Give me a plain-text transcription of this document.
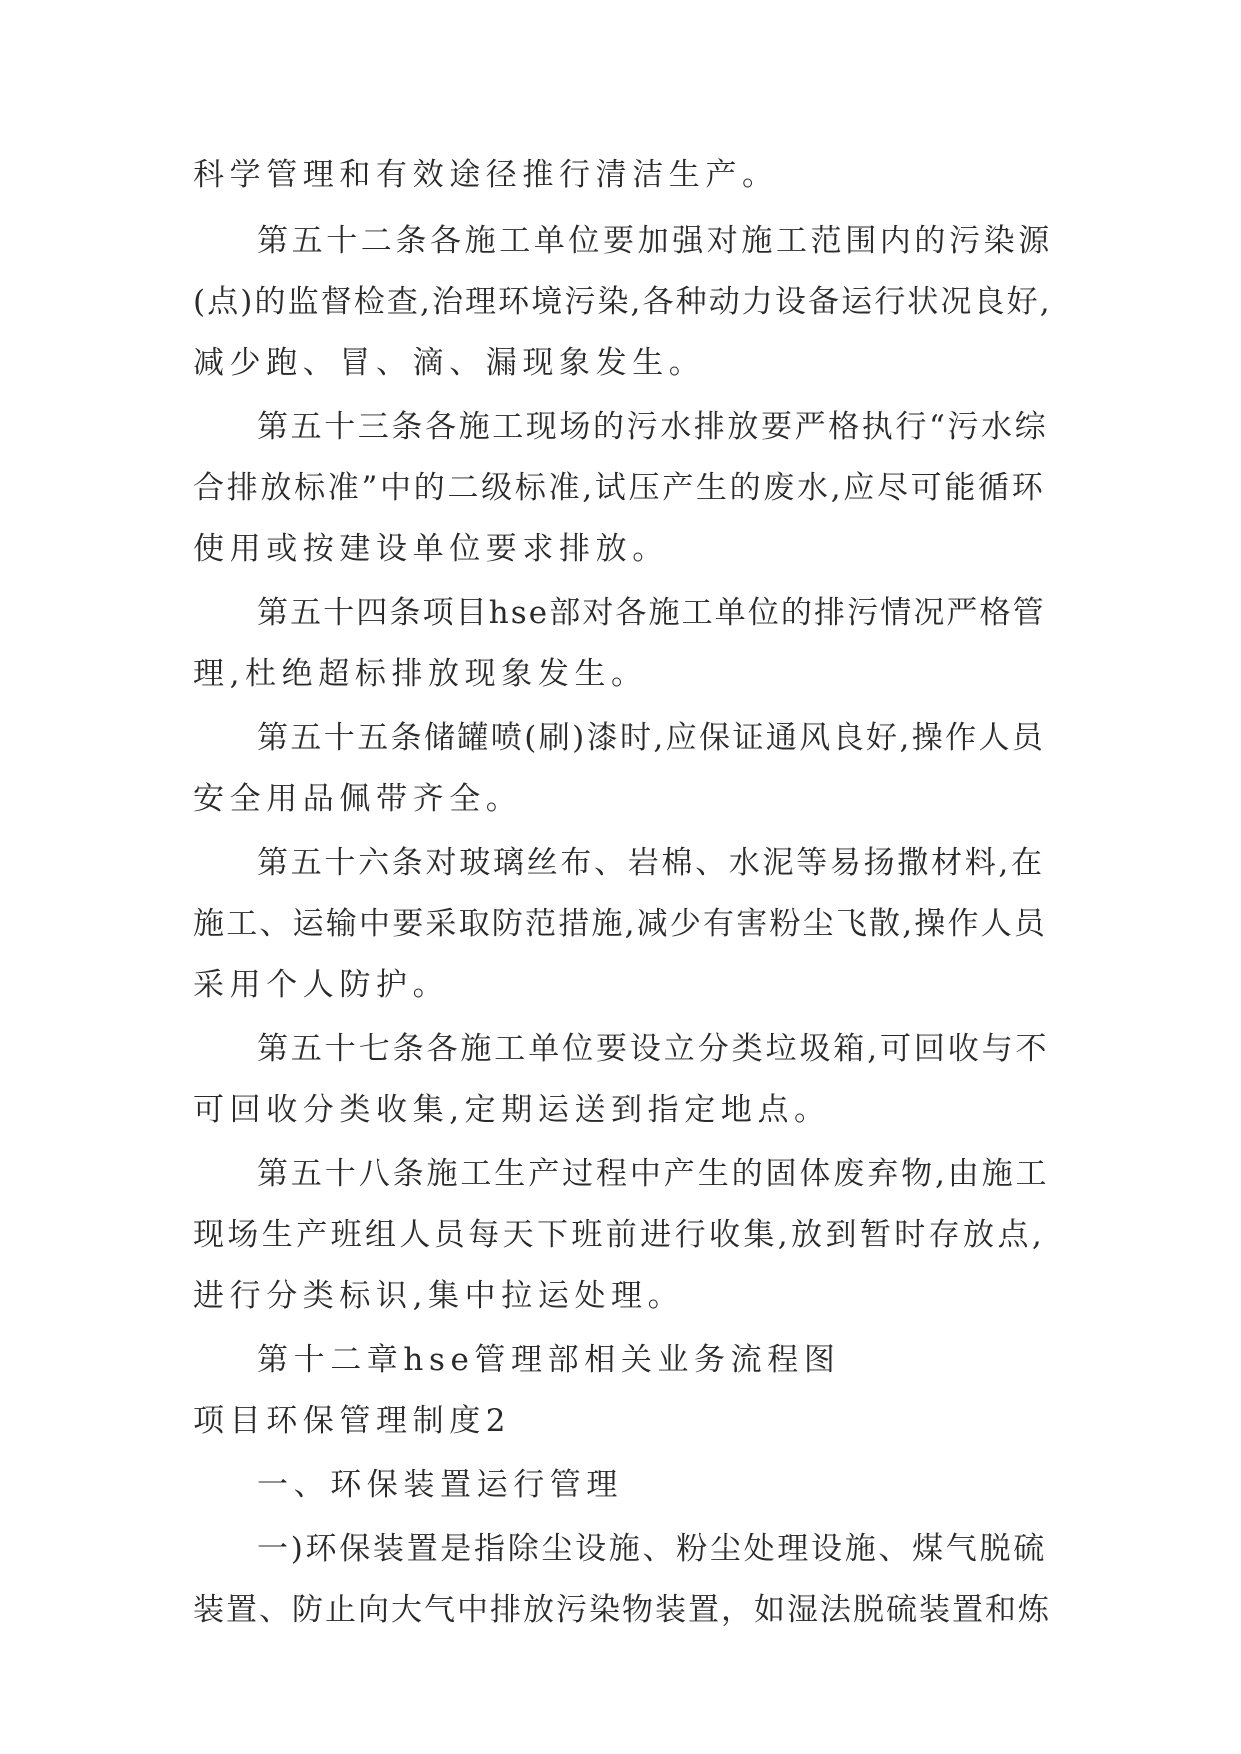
科学管理和有效途径推行清洁生产。
第五十二条各施工单位要加强对施工范围内的污染源
(点)的监督检查,治理环境污染,各种动力设备运行状况良好,
减少跑、冒、滴、漏现象发生。
第五十三条各施工现场的污水排放要严格执行“污水综
合排放标准”中的二级标准,试压产生的废水,应尽可能循环
使用或按建设单位要求排放。
第五十四条项目hse部对各施工单位的排污情况严格管
理,杜绝超标排放现象发生。
第五十五条储罐喷(刷)漆时,应保证通风良好,操作人员
安全用品佩带齐全。
第五十六条对玻璃丝布、岩棉、水泥等易扬撒材料,在
施工、运输中要采取防范措施,减少有害粉尘飞散,操作人员
采用个人防护。
第五十七条各施工单位要设立分类垃圾箱,可回收与不
可回收分类收集,定期运送到指定地点。
第五十八条施工生产过程中产生的固体废弃物,由施工
现场生产班组人员每天下班前进行收集,放到暂时存放点,
进行分类标识,集中拉运处理。
第十二章hse管理部相关业务流程图
项目环保管理制度2
一、环保装置运行管理
一)环保装置是指除尘设施、粉尘处理设施、煤气脱硫
装置、防止向大气中排放污染物装置，如湿法脱硫装置和炼
